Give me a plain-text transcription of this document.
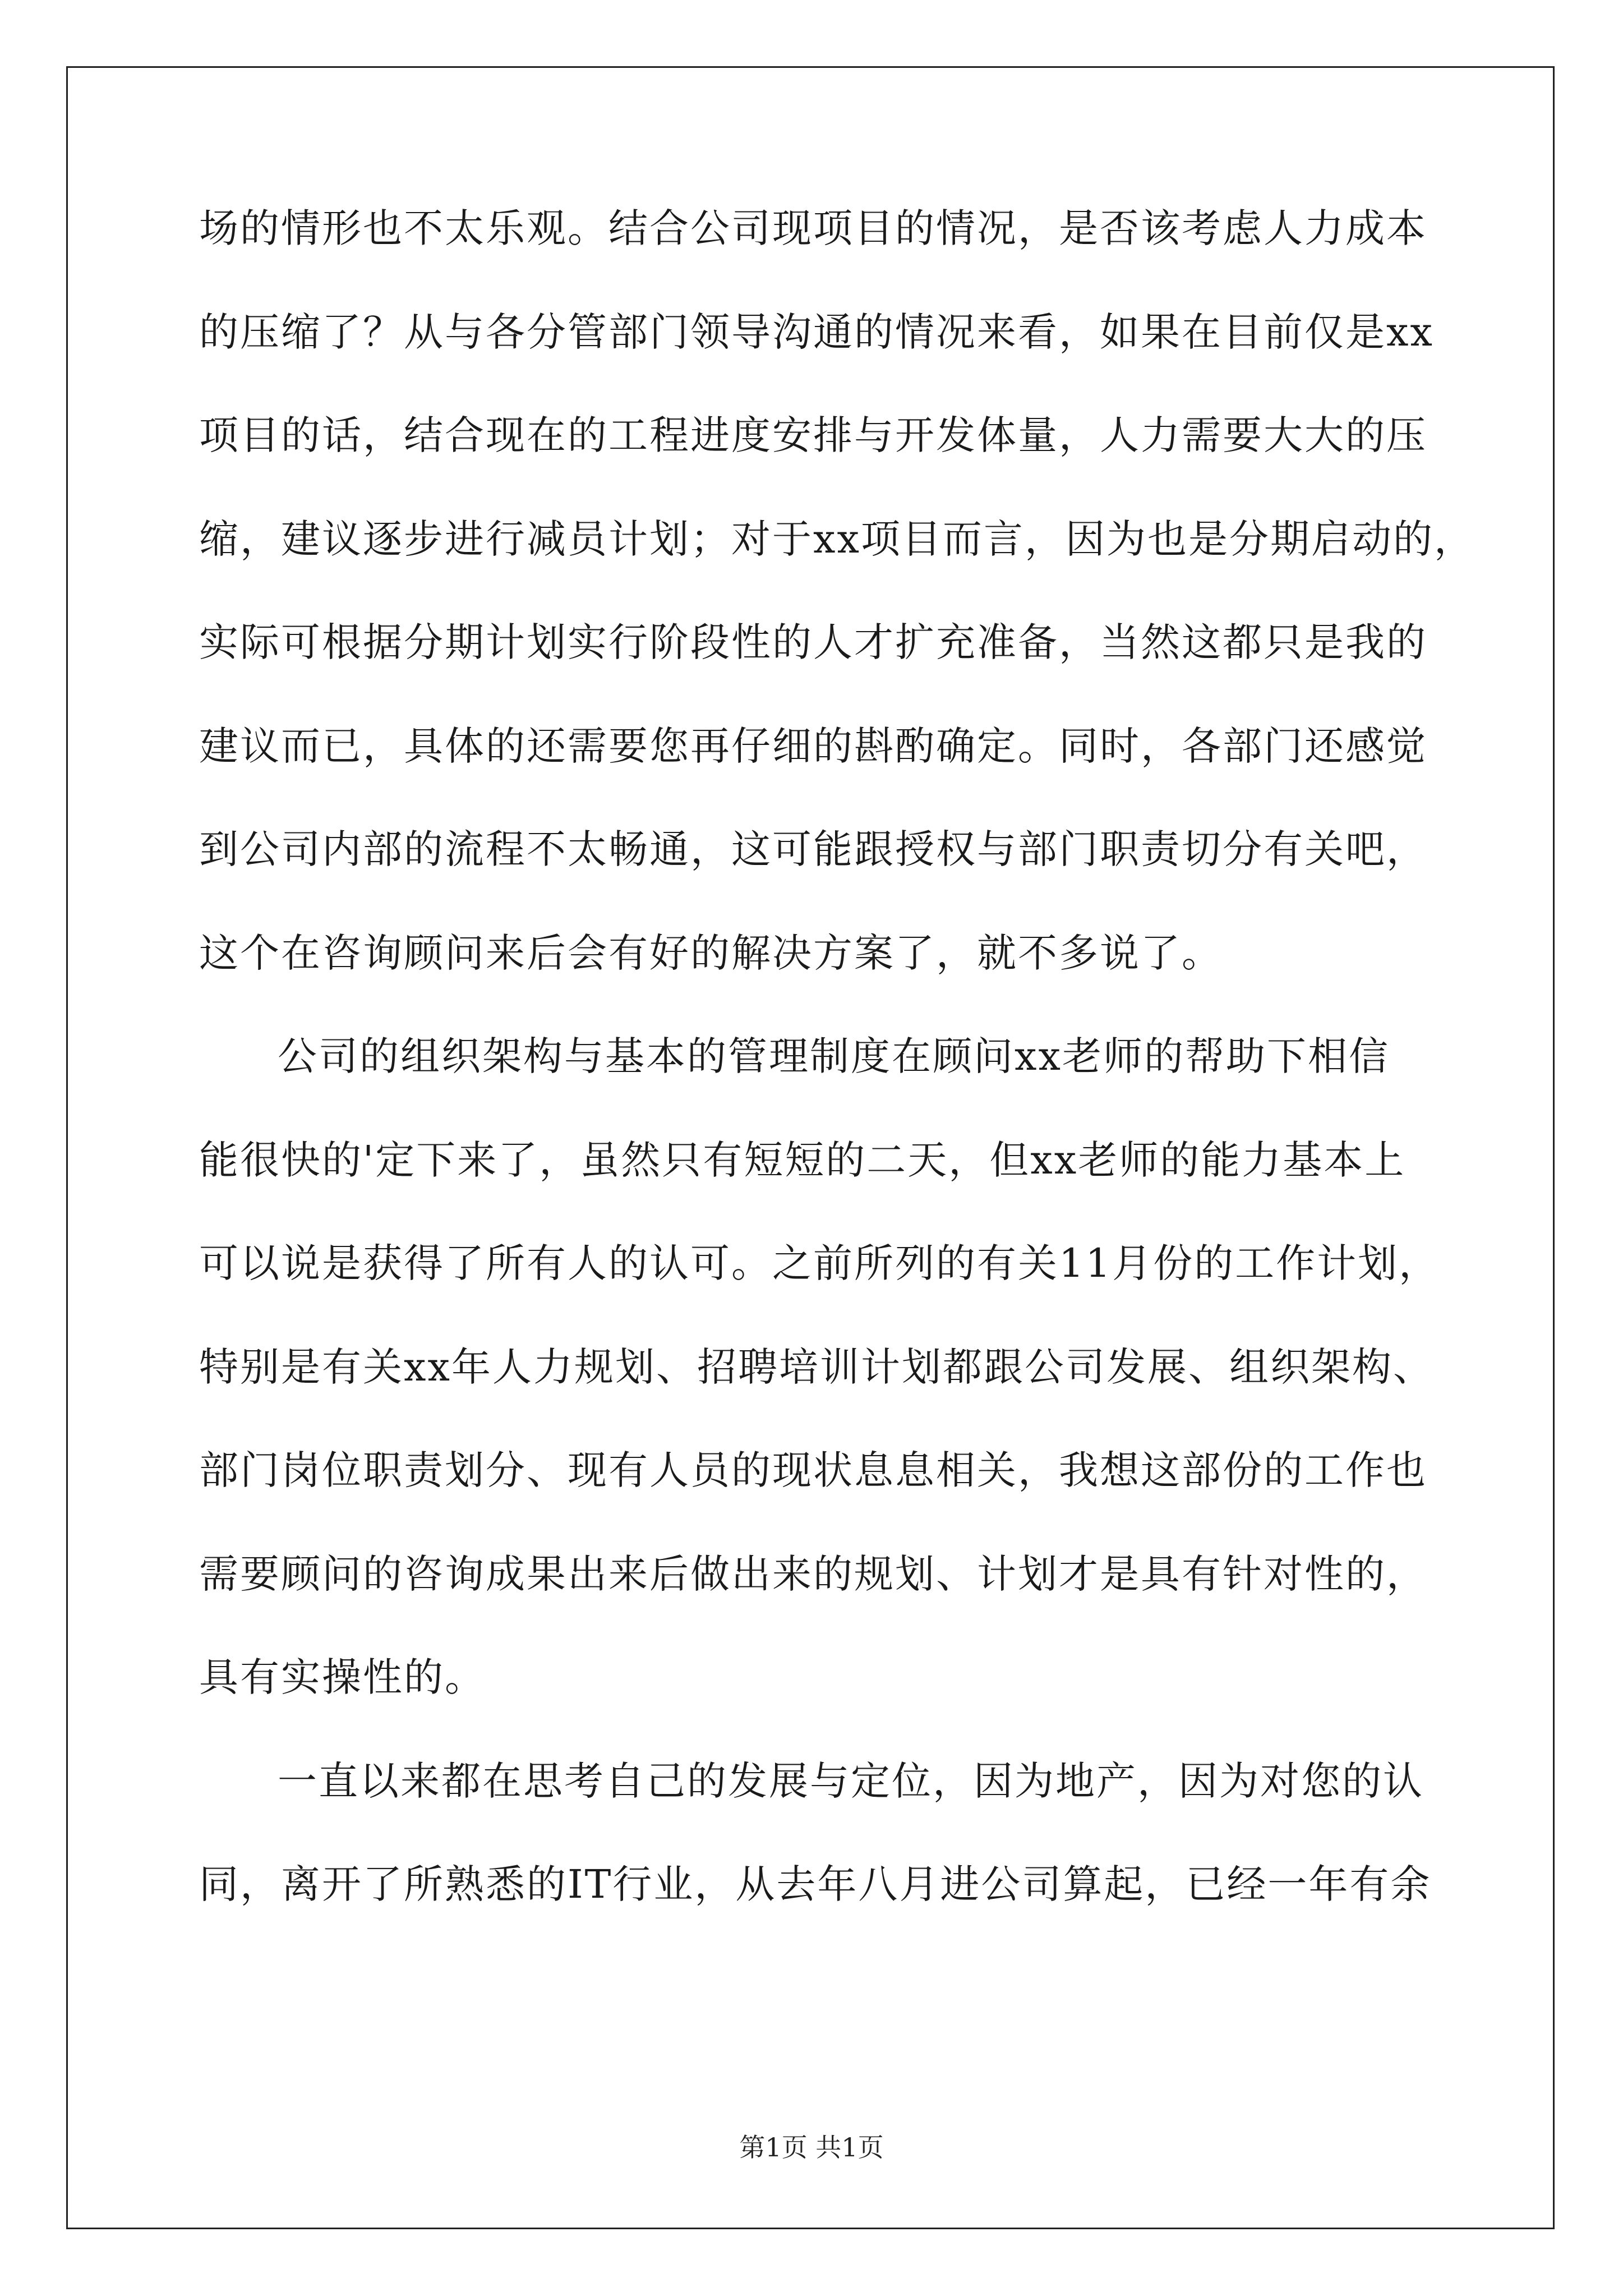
场的情形也不太乐观。结合公司现项目的情况，是否该考虑人力成本
的压缩了？从与各分管部门领导沟通的情况来看，如果在目前仅是xx
项目的话，结合现在的工程进度安排与开发体量，人力需要大大的压
缩，建议逐步进行减员计划；对于xx项目而言，因为也是分期启动的，
实际可根据分期计划实行阶段性的人才扩充准备，当然这都只是我的
建议而已，具体的还需要您再仔细的斟酌确定。同时，各部门还感觉
到公司内部的流程不太畅通，这可能跟授权与部门职责切分有关吧，
这个在咨询顾问来后会有好的解决方案了，就不多说了。
公司的组织架构与基本的管理制度在顾问xx老师的帮助下相信
能很快的'定下来了，虽然只有短短的二天，但xx老师的能力基本上
可以说是获得了所有人的认可。之前所列的有关11月份的工作计划，
特别是有关xx年人力规划、招聘培训计划都跟公司发展、组织架构、
部门岗位职责划分、现有人员的现状息息相关，我想这部份的工作也
需要顾问的咨询成果出来后做出来的规划、计划才是具有针对性的，
具有实操性的。
一直以来都在思考自己的发展与定位，因为地产，因为对您的认
同，离开了所熟悉的IT行业，从去年八月进公司算起，已经一年有余
第1页 共1页
